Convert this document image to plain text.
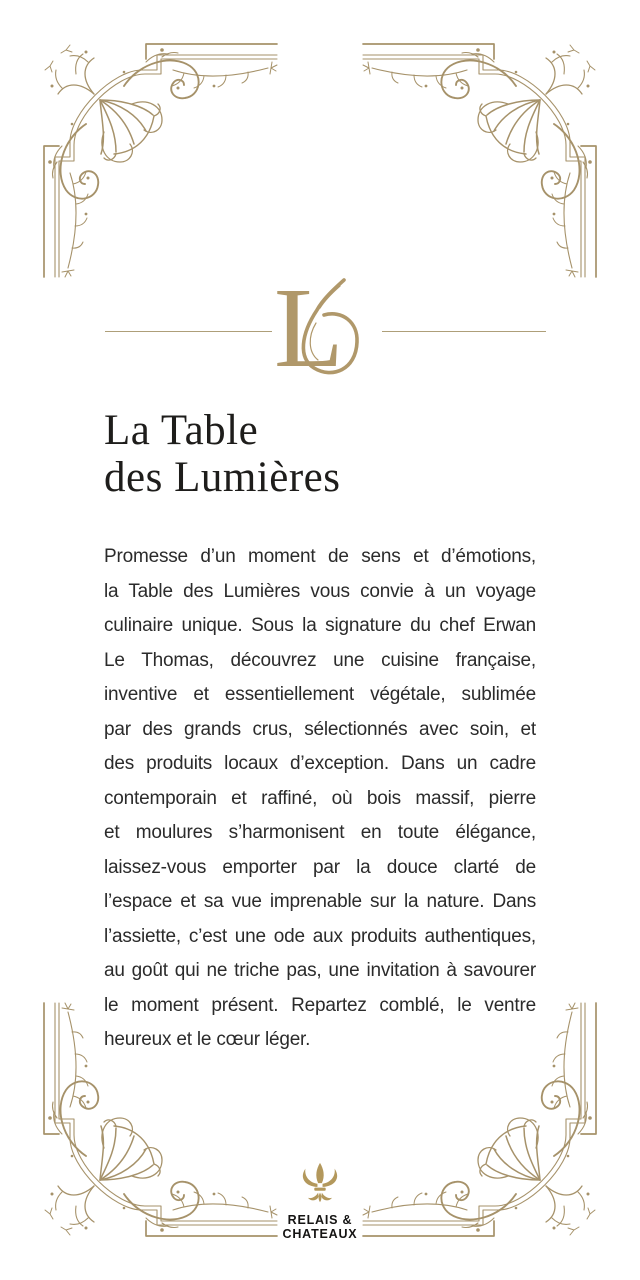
L
La Table
des Lumières
Promesse d’un moment de sens et d’émotions,
la Table des Lumières vous convie à un voyage
culinaire unique. Sous la signature du chef Erwan
Le Thomas, découvrez une cuisine française,
inventive et essentiellement végétale, sublimée
par des grands crus, sélectionnés avec soin, et
des produits locaux d’exception. Dans un cadre
contemporain et raffiné, où bois massif, pierre
et moulures s’harmonisent en toute élégance,
laissez-vous emporter par la douce clarté de
l’espace et sa vue imprenable sur la nature. Dans
l’assiette, c’est une ode aux produits authentiques,
au goût qui ne triche pas, une invitation à savourer
le moment présent. Repartez comblé, le ventre
heureux et le cœur léger.
RELAIS &
CHATEAUX
